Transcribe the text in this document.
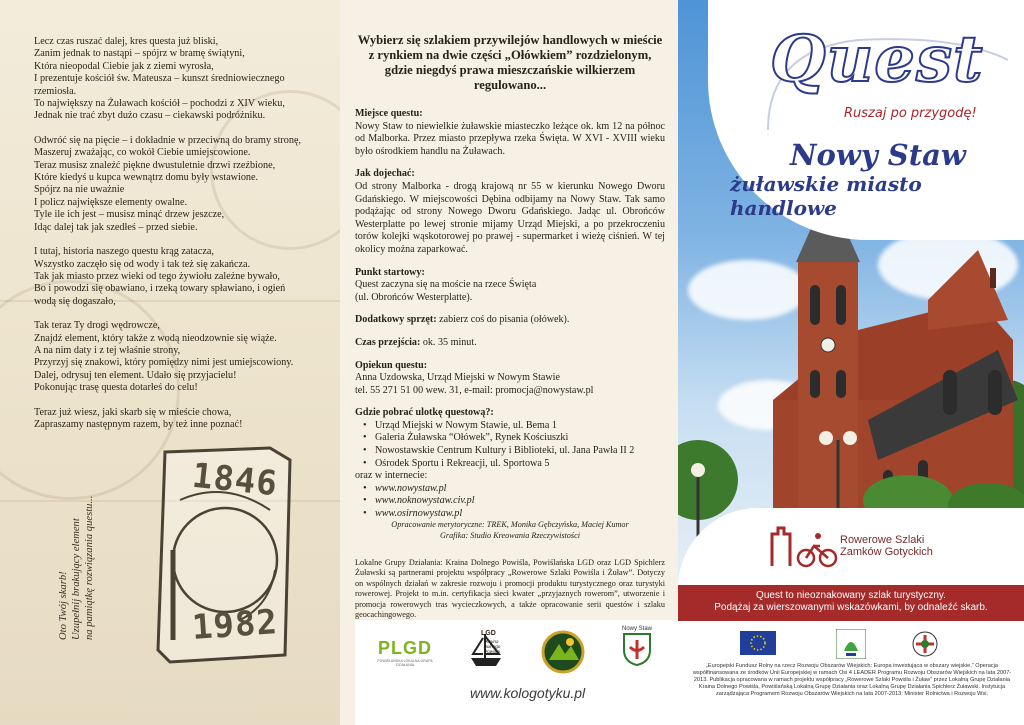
Lecz czas ruszać dalej, kres questa już bliski,
Zanim jednak to nastąpi – spójrz w bramę świątyni,
Która nieopodal Ciebie jak z ziemi wyrosła,
I prezentuje kościół św. Mateusza – kunszt średniowiecznego
rzemiosła.
To największy na Żuławach kościół – pochodzi z XIV wieku,
Jednak nie trać zbyt dużo czasu – ciekawski podróżniku.

Odwróć się na pięcie – i dokładnie w przeciwną do bramy stronę,
Maszeruj zważając, co wokół Ciebie umiejscowione.
Teraz musisz znaleźć piękne dwustuletnie drzwi rzeźbione,
Które kiedyś u kupca wewnątrz domu były wstawione.
Spójrz na nie uważnie
I policz największe elementy owalne.
Tyle ile ich jest – musisz minąć drzew jeszcze,
Idąc dalej tak jak szedłeś – przed siebie.

I tutaj, historia naszego questu krąg zatacza,
Wszystko zaczęło się od wody i tak też się zakańcza.
Tak jak miasto przez wieki od tego żywiołu zależne bywało,
Bo i powodzi się obawiano, i rzeką towary spławiano, i ogień
wodą się dogaszało,

Tak teraz Ty drogi wędrowcze,
Znajdź element, który także z wodą nieodzownie się wiąże.
A na nim daty i z tej właśnie strony,
Przyrzyj się znakowi, który pomiędzy nimi jest umiejscowiony.
Dalej, odrysuj ten element. Udało się przyjacielu!
Pokonując trasę questa dotarłeś do celu!

Teraz już wiesz, jaki skarb się w mieście chowa,
Zapraszamy następnym razem, by też inne poznać!

1846
1982
Oto Twój skarb! Uzupełnij brakujący element na pamiątkę rozwiązania questu...
Wybierz się szlakiem przywilejów handlowych w mieście z rynkiem na dwie części „Ołówkiem” rozdzielonym, gdzie niegdyś prawa mieszczańskie wilkierzem regulowano...
Miejsce questu:
Nowy Staw to niewielkie żuławskie miasteczko leżące ok. km 12 na północ od Malborka. Przez miasto przepływa rzeka Święta. W XVI - XVIII wieku było ośrodkiem handlu na Żuławach.
Jak dojechać:
Od strony Malborka - drogą krajową nr 55 w kierunku Nowego Dworu Gdańskiego. W miejscowości Dębina odbijamy na Nowy Staw. Tak samo podążając od strony Nowego Dworu Gdańskiego. Jadąc ul. Obrońców Westerplatte po lewej stronie mijamy Urząd Miejski, a po przekroczeniu torów kolejki wąskotorowej po prawej - supermarket i wieżę ciśnień. W tej okolicy można zaparkować.
Punkt startowy:
Quest zaczyna się na moście na rzece Święta
(ul. Obrońców Westerplatte).
Dodatkowy sprzęt: zabierz coś do pisania (ołówek).
Czas przejścia: ok. 35 minut.
Opiekun questu:
Anna Uzdowska, Urząd Miejski w Nowym Stawie
tel. 55 271 51 00 wew. 31, e-mail: promocja@nowystaw.pl
Gdzie pobrać ulotkę questową?:
• Urząd Miejski w Nowym Stawie, ul. Bema 1
• Galeria Żuławska “Ołówek”, Rynek Kościuszki
• Nowostawskie Centrum Kultury i Biblioteki, ul. Jana Pawła II 2
• Ośrodek Sportu i Rekreacji, ul. Sportowa 5
oraz w internecie:
• www.nowystaw.pl
• www.noknowystaw.civ.pl
• www.osirnowystaw.pl
Opracowanie merytoryczne: TREK, Monika Gębczyńska, Maciej Kumor
Grafika: Studio Kreowania Rzeczywistości
Lokalne Grupy Działania: Kraina Dolnego Powiśla, Powiślańska LGD oraz LGD Spichlerz Żuławski są partnerami projektu współpracy „Rowerowe Szlaki Powiśla i Żuław”. Dotyczy on wspólnych działań w zakresie rozwoju i promocji produktu turystycznego oraz turystyki rowerowej. Projekt to m.in. certyfikacja sieci kwater „przyjaznych rowerom”, utworzenie i promocja rowerowych tras wycieczkowych, a także opracowanie serii questów i szlaku geocachingowego.
PLGD
POWIŚLAŃSKA LOKALNA GRUPA DZIAŁANIA
LGD
Kraina Dolnego Powiśla
Nowy Staw
www.kologotyku.pl
Quest
Ruszaj po przygodę!
Nowy Staw
żuławskie miasto handlowe
Rowerowe Szlaki
Zamków Gotyckich
Quest to nieoznakowany szlak turystyczny.
Podążaj za wierszowanymi wskazówkami, by odnaleźć skarb.
„Europejski Fundusz Rolny na rzecz Rozwoju Obszarów Wiejskich: Europa inwestująca w obszary wiejskie.” Operacja współfinansowana ze środków Unii Europejskiej w ramach Osi 4 LEADER Programu Rozwoju Obszarów Wiejskich na lata 2007-2013. Publikacja opracowana w ramach projektu współpracy „Rowerowe Szlaki Powiśla i Żuław” przez Lokalną Grupę Działania Kraina Dolnego Powiśla, Powiślańską Lokalną Grupę Działania oraz Lokalną Grupę Działania Spichlerz Żuławski. Instytucja zarządzająca Programem Rozwoju Obszarów Wiejskich na lata 2007-2013: Minister Rolnictwa i Rozwoju Wsi.
